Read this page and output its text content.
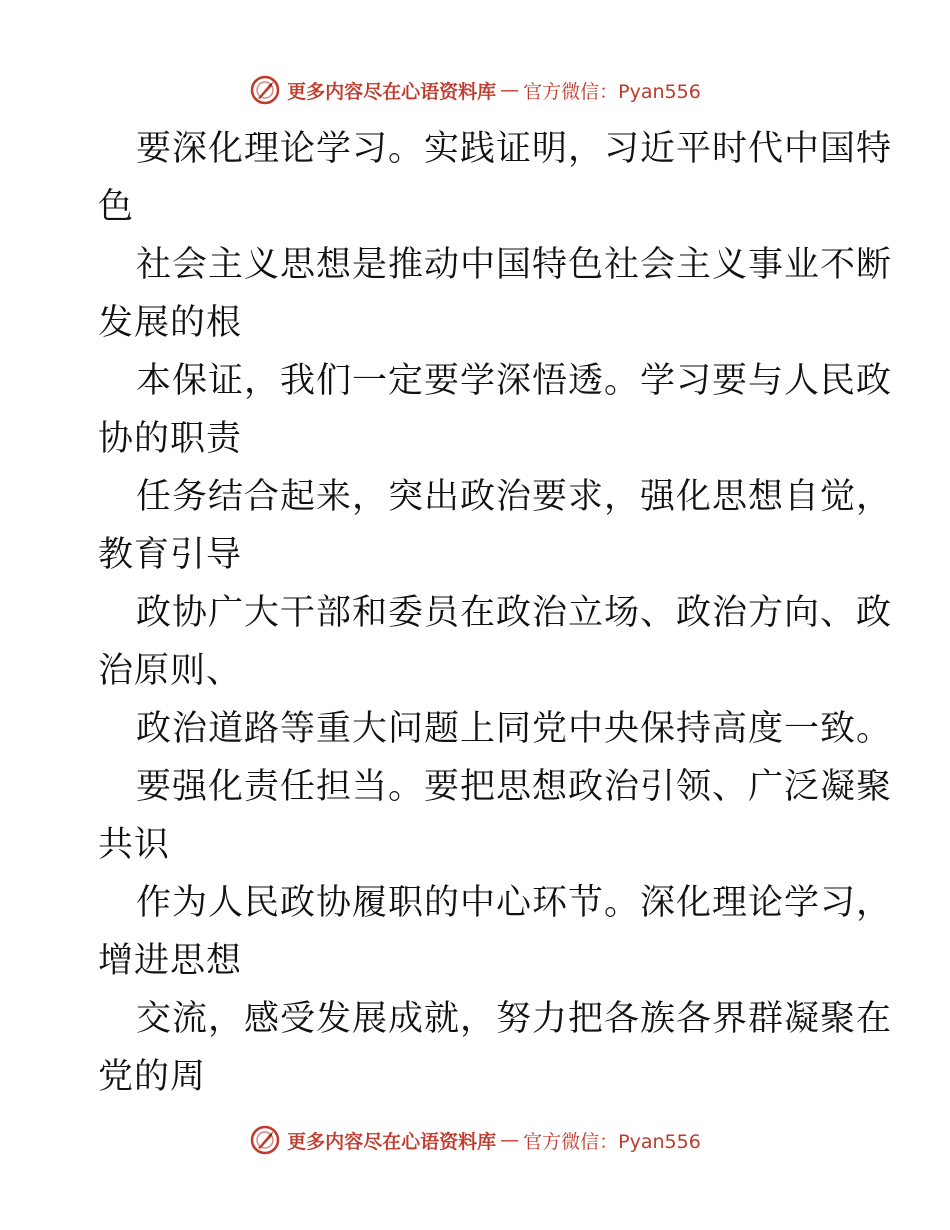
更多内容尽在心语资料库 — 官方微信：Pyan556
要深化理论学习。实践证明，习近平时代中国特
色
社会主义思想是推动中国特色社会主义事业不断
发展的根
本保证，我们一定要学深悟透。学习要与人民政
协的职责
任务结合起来，突出政治要求，强化思想自觉，
教育引导
政协广大干部和委员在政治立场、政治方向、政
治原则、
政治道路等重大问题上同党中央保持高度一致。
要强化责任担当。要把思想政治引领、广泛凝聚
共识
作为人民政协履职的中心环节。深化理论学习，
增进思想
交流，感受发展成就，努力把各族各界群凝聚在
党的周
更多内容尽在心语资料库 — 官方微信：Pyan556
